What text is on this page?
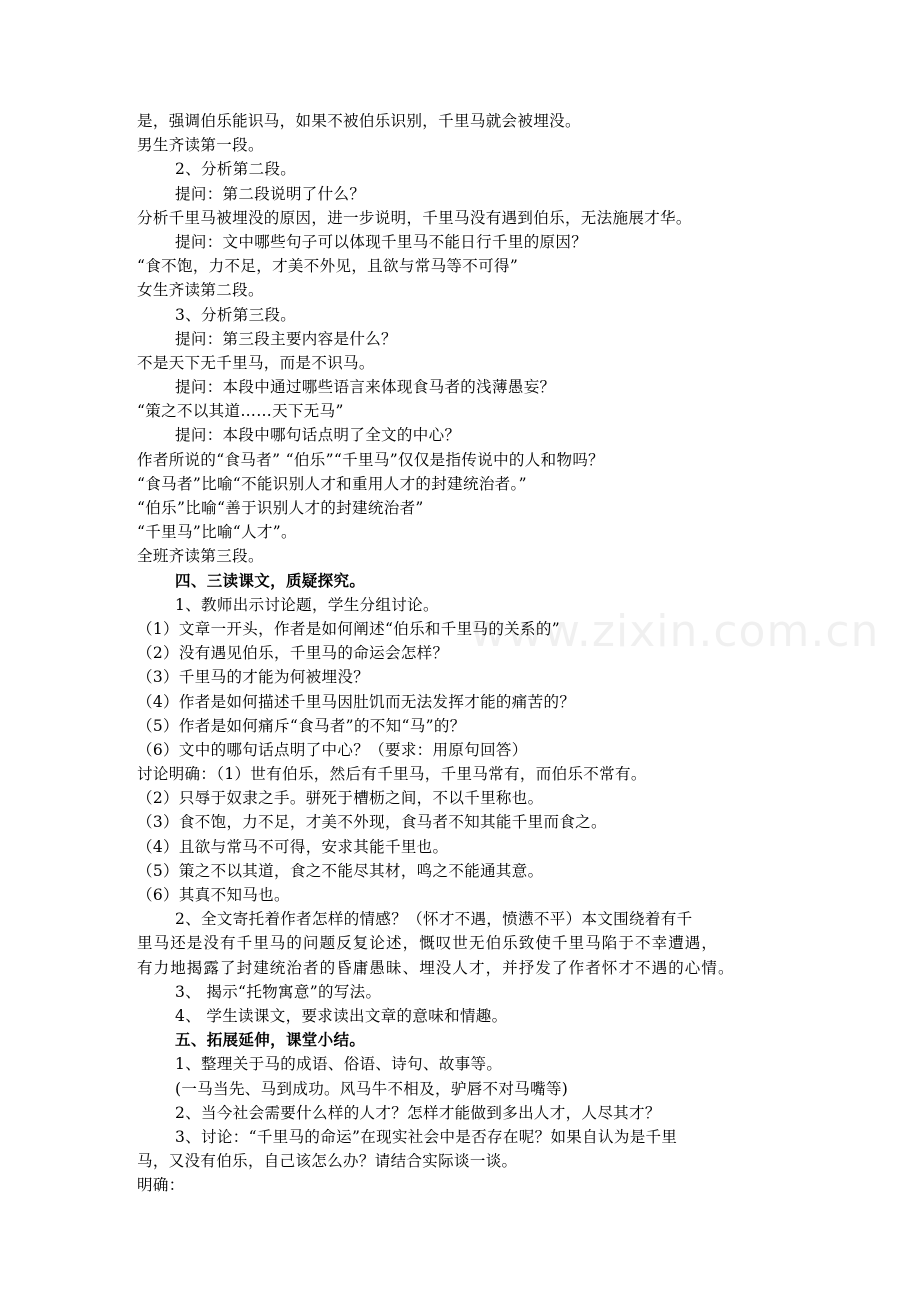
www.zixin.com.cn
是，强调伯乐能识马，如果不被伯乐识别，千里马就会被埋没。
男生齐读第一段。
2、分析第二段。
提问：第二段说明了什么？
分析千里马被埋没的原因，进一步说明，千里马没有遇到伯乐，无法施展才华。
提问：文中哪些句子可以体现千里马不能日行千里的原因？
“食不饱，力不足，才美不外见，且欲与常马等不可得”
女生齐读第二段。
3、分析第三段。
提问：第三段主要内容是什么？
不是天下无千里马，而是不识马。
提问：本段中通过哪些语言来体现食马者的浅薄愚妄？
“策之不以其道……天下无马”
提问：本段中哪句话点明了全文的中心？
作者所说的“食马者” “伯乐”“千里马”仅仅是指传说中的人和物吗？
“食马者”比喻“不能识别人才和重用人才的封建统治者。”
“伯乐”比喻“善于识别人才的封建统治者”
“千里马”比喻“人才”。
全班齐读第三段。
四、三读课文，质疑探究。
1、教师出示讨论题，学生分组讨论。
（1）文章一开头，作者是如何阐述“伯乐和千里马的关系的”
（2）没有遇见伯乐，千里马的命运会怎样？
（3）千里马的才能为何被埋没？
（4）作者是如何描述千里马因肚饥而无法发挥才能的痛苦的？
（5）作者是如何痛斥“食马者”的不知“马”的？
（6）文中的哪句话点明了中心？（要求：用原句回答）
讨论明确：（1）世有伯乐，然后有千里马，千里马常有，而伯乐不常有。
（2）只辱于奴隶之手。骈死于槽枥之间，不以千里称也。
（3）食不饱，力不足，才美不外现，食马者不知其能千里而食之。
（4）且欲与常马不可得，安求其能千里也。
（5）策之不以其道，食之不能尽其材，鸣之不能通其意。
（6）其真不知马也。
2、全文寄托着作者怎样的情感？（怀才不遇，愤懑不平）本文围绕着有千
里马还是没有千里马的问题反复论述，慨叹世无伯乐致使千里马陷于不幸遭遇，
有力地揭露了封建统治者的昏庸愚昧、埋没人才，并抒发了作者怀才不遇的心情。
3、 揭示“托物寓意”的写法。
4、 学生读课文，要求读出文章的意味和情趣。
五、拓展延伸，课堂小结。
1、整理关于马的成语、俗语、诗句、故事等。
(一马当先、马到成功。风马牛不相及，驴唇不对马嘴等)
2、当今社会需要什么样的人才？怎样才能做到多出人才，人尽其才？
3、讨论：“千里马的命运”在现实社会中是否存在呢？如果自认为是千里
马，又没有伯乐，自己该怎么办？请结合实际谈一谈。
明确：
